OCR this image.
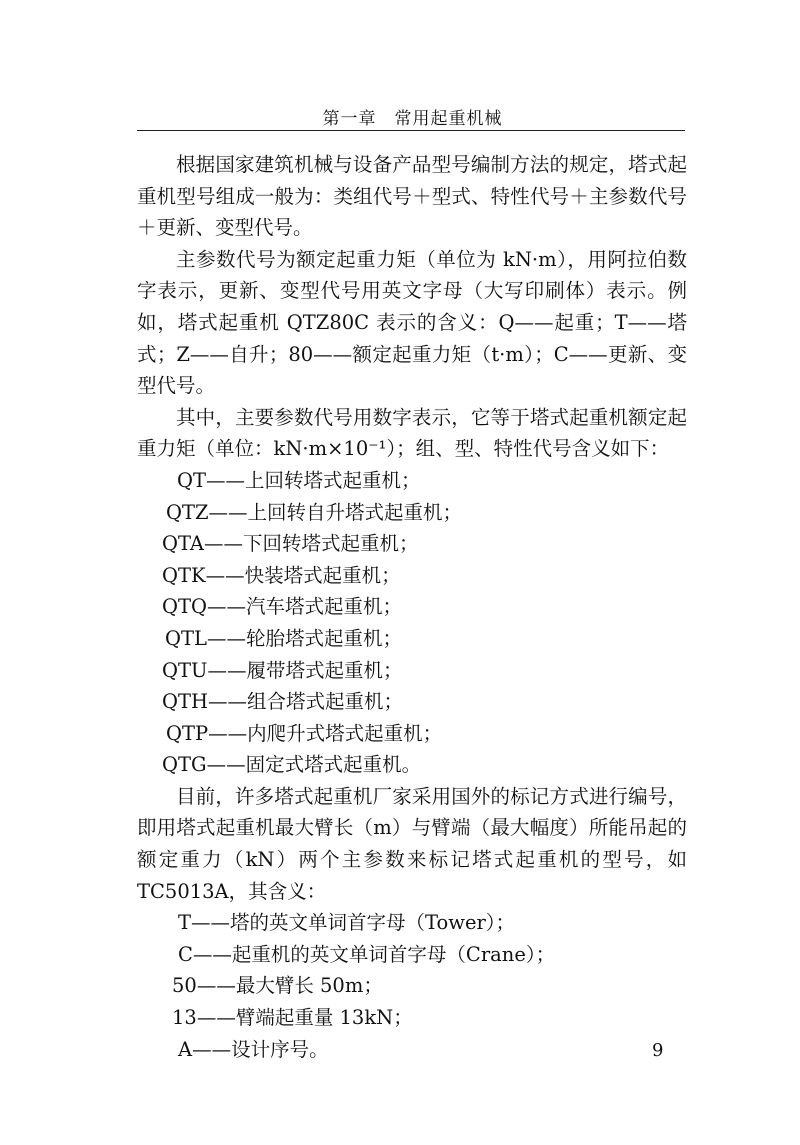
第一章　常用起重机械

根据国家建筑机械与设备产品型号编制方法的规定，塔式起重机型号组成一般为：类组代号＋型式、特性代号＋主参数代号＋更新、变型代号。

主参数代号为额定起重力矩（单位为 kN·m），用阿拉伯数字表示，更新、变型代号用英文字母（大写印刷体）表示。例如，塔式起重机 QTZ80C 表示的含义：Q——起重；T——塔式；Z——自升；80——额定起重力矩（t·m）；C——更新、变型代号。

其中，主要参数代号用数字表示，它等于塔式起重机额定起重力矩（单位：kN·m×10⁻¹）；组、型、特性代号含义如下：

QT——上回转塔式起重机；
QTZ——上回转自升塔式起重机；
QTA——下回转塔式起重机；
QTK——快装塔式起重机；
QTQ——汽车塔式起重机；
QTL——轮胎塔式起重机；
QTU——履带塔式起重机；
QTH——组合塔式起重机；
QTP——内爬升式塔式起重机；
QTG——固定式塔式起重机。

目前，许多塔式起重机厂家采用国外的标记方式进行编号，即用塔式起重机最大臂长（m）与臂端（最大幅度）所能吊起的额定重力（kN）两个主参数来标记塔式起重机的型号，如 TC5013A，其含义：

T——塔的英文单词首字母（Tower）；
C——起重机的英文单词首字母（Crane）；
50——最大臂长 50m；
13——臂端起重量 13kN；
A——设计序号。	9
